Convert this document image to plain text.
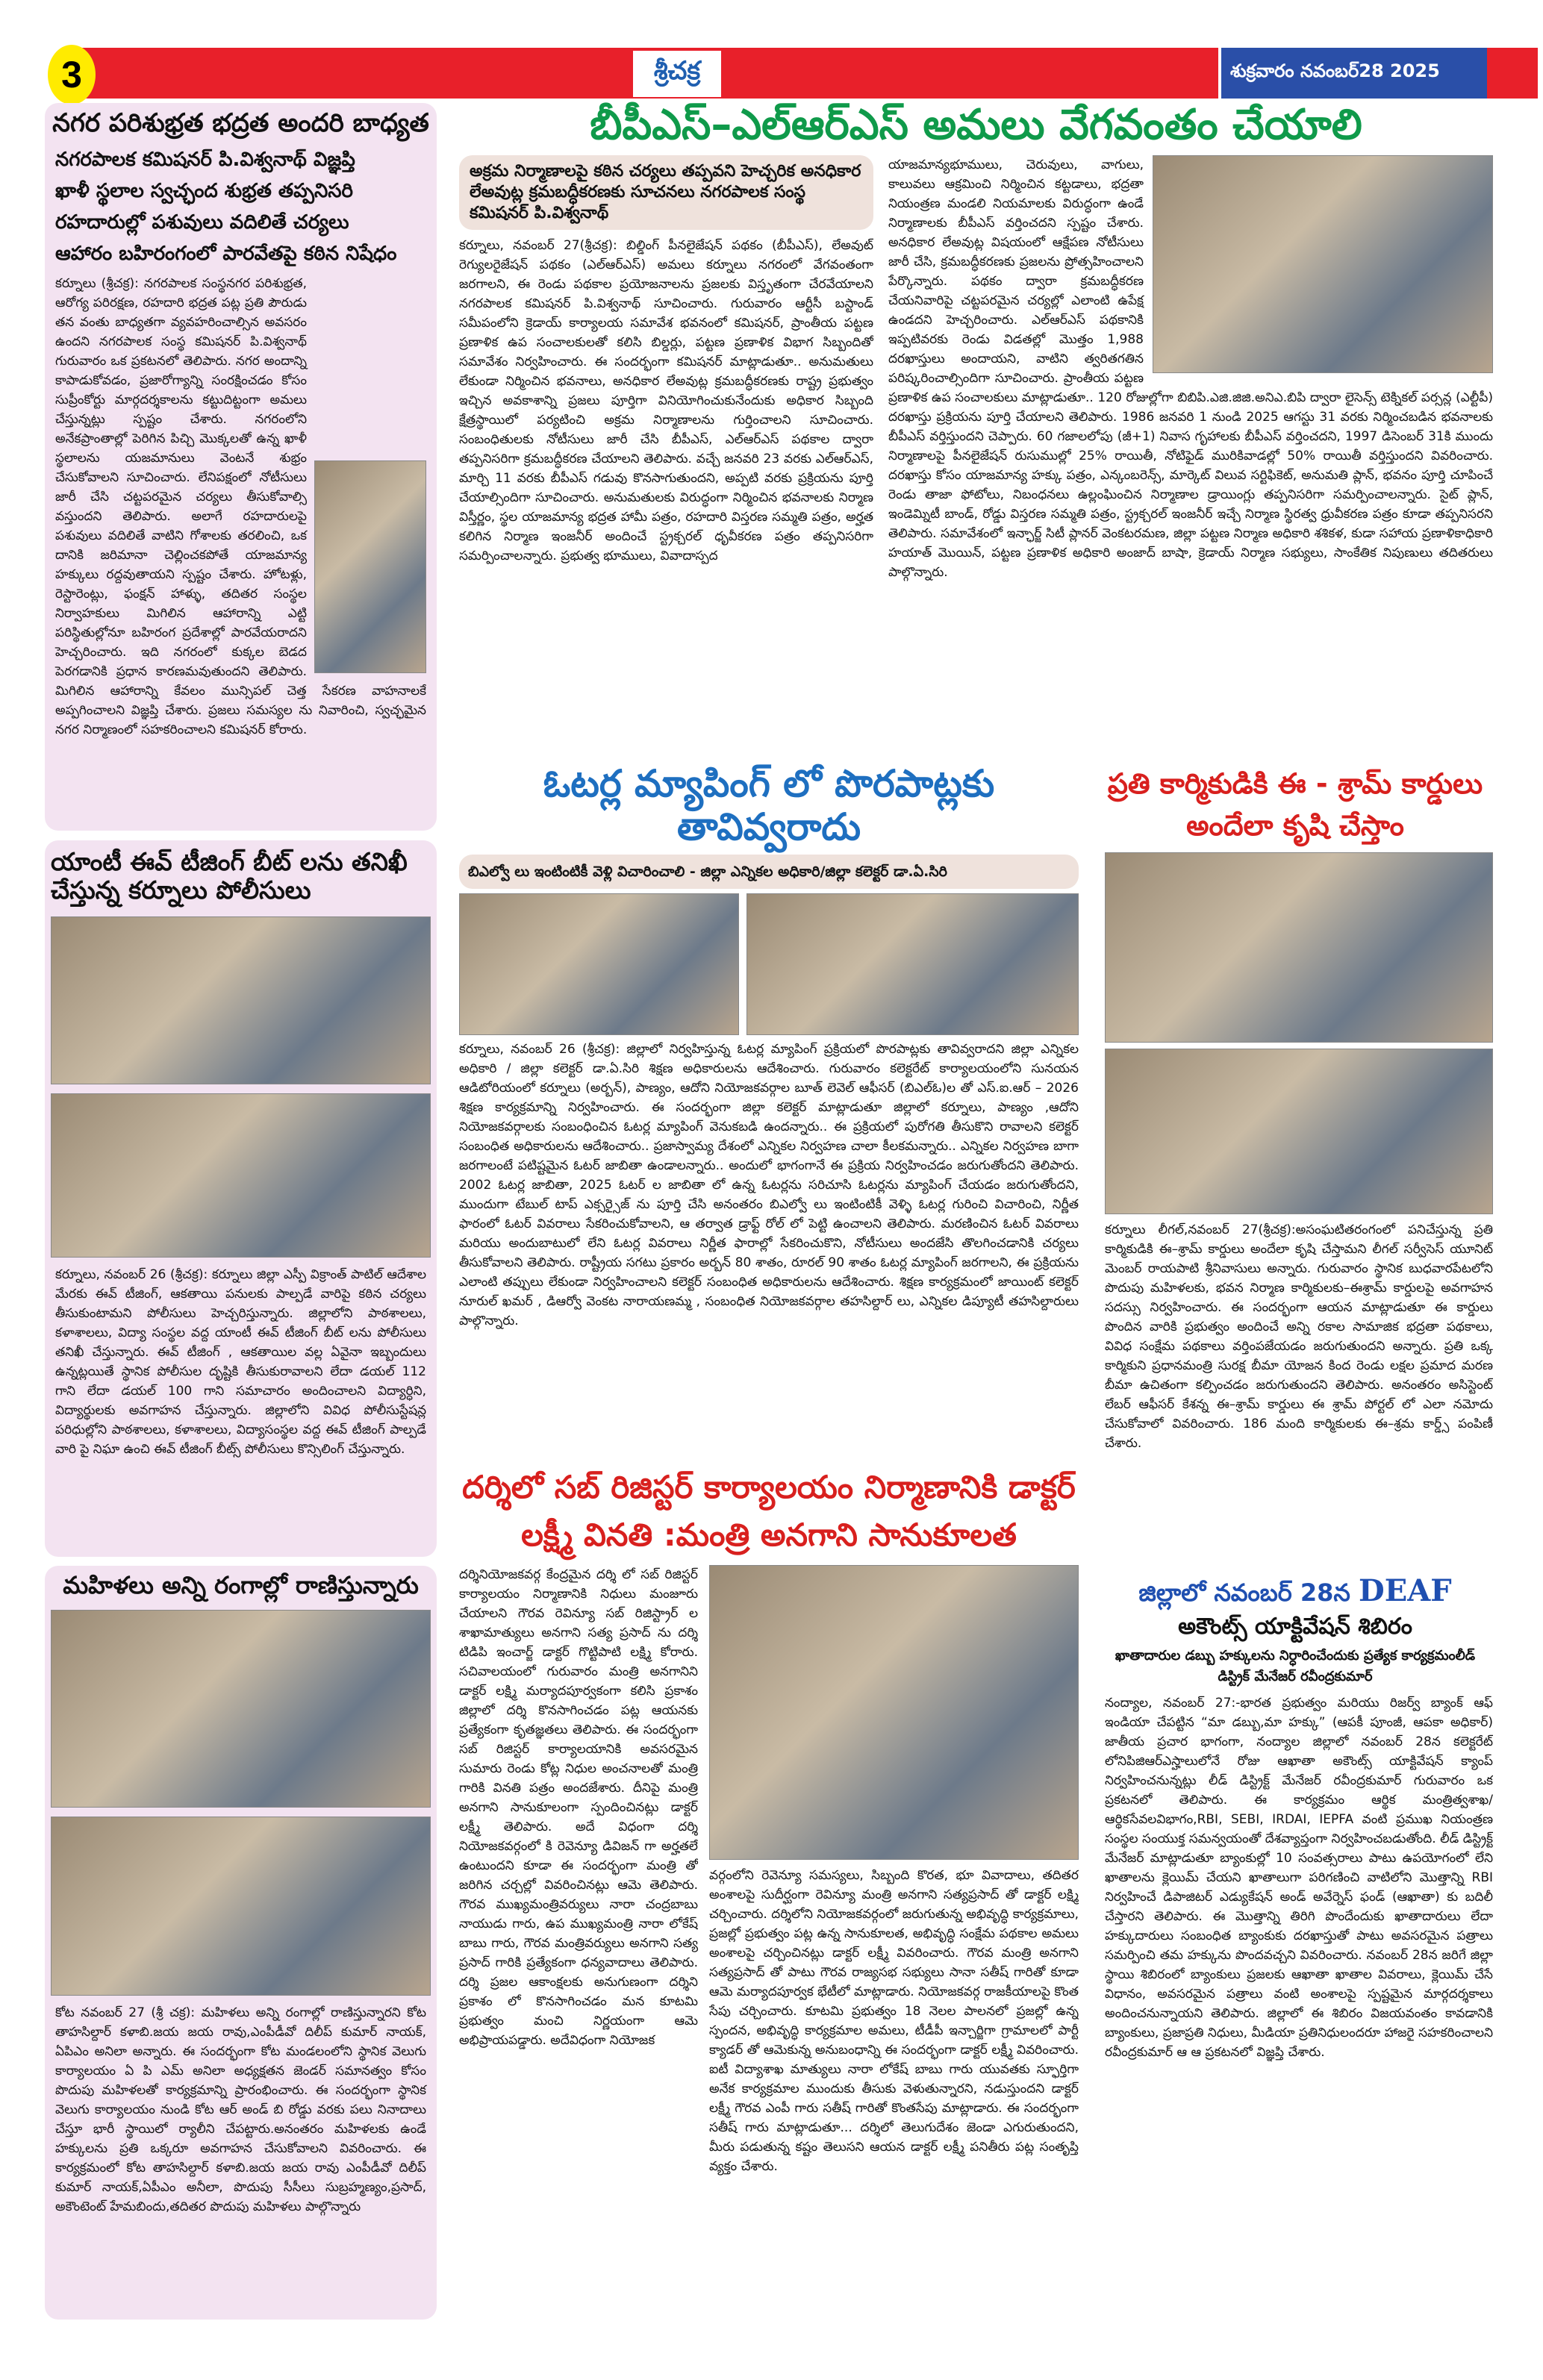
3	శ్రీచక్ర	శుక్రవారం నవంబర్28 2025
నగర పరిశుభ్రత భద్రత అందరి బాధ్యత
నగరపాలక కమిషనర్ పి.విశ్వనాథ్ విజ్ఞప్తి
ఖాళీ స్థలాల స్వచ్ఛంద శుభ్రత తప్పనిసరి
రహదారుల్లో పశువులు వదిలితే చర్యలు
ఆహారం బహిరంగంలో పారవేతపై కఠిన నిషేధం
కర్నూలు (శ్రీచక్ర): నగరపాలక సంస్థనగర పరిశుభ్రత, ఆరోగ్య పరిరక్షణ, రహదారి భద్రత పట్ల ప్రతి పౌరుడు తన వంతు బాధ్యతగా వ్యవహరించాల్సిన అవసరం ఉందని నగరపాలక సంస్థ కమిషనర్ పి.విశ్వనాథ్ గురువారం ఒక ప్రకటనలో తెలిపారు. నగర అందాన్ని కాపాడుకోవడం, ప్రజారోగ్యాన్ని సంరక్షించడం కోసం సుప్రీంకోర్టు మార్గదర్శకాలను కట్టుదిట్టంగా అమలు చేస్తున్నట్లు స్పష్టం చేశారు. నగరంలోని అనేకప్రాంతాల్లో పెరిగిన పిచ్చి మొక్కలతో ఉన్న ఖాళీ స్థలాలను యజమానులు వెంటనే శుభ్రం చేసుకోవాలని సూచించారు. లేనిపక్షంలో నోటీసులు జారీ చేసి చట్టపరమైన చర్యలు తీసుకోవాల్సి వస్తుందని తెలిపారు. అలాగే రహదారులపై పశువులు వదిలితే వాటిని గోశాలకు తరలించి, ఒక దానికి జరిమానా చెల్లించకపోతే యాజమాన్య హక్కులు రద్దవుతాయని స్పష్టం చేశారు. హోటళ్లు, రెస్టారెంట్లు, ఫంక్షన్ హాళ్ళు, తదితర సంస్థల నిర్వాహకులు మిగిలిన ఆహారాన్ని ఎట్టి పరిస్థితుల్లోనూ బహిరంగ ప్రదేశాల్లో పారవేయరాదని హెచ్చరించారు. ఇది నగరంలో కుక్కల బెడద పెరగడానికి ప్రధాన కారణమవుతుందని తెలిపారు. మిగిలిన ఆహారాన్ని కేవలం మున్సిపల్ చెత్త సేకరణ వాహనాలకే అప్పగించాలని విజ్ఞప్తి చేశారు. ప్రజలు సమస్యల ను నివారించి, స్వచ్ఛమైన నగర నిర్మాణంలో సహకరించాలని కమిషనర్ కోరారు.
యాంటీ ఈవ్ టీజింగ్ బీట్ లను తనిఖీ చేస్తున్న కర్నూలు పోలీసులు
కర్నూలు, నవంబర్ 26 (శ్రీచక్ర): కర్నూలు జిల్లా ఎస్పీ విక్రాంత్ పాటిల్ ఆదేశాల మేరకు ఈవ్ టీజింగ్, ఆకతాయి పనులకు పాల్పడే వారిపై కఠిన చర్యలు తీసుకుంటామని పోలీసులు హెచ్చరిస్తున్నారు. జిల్లాలోని పాఠశాలలు, కళాశాలలు, విద్యా సంస్థల వద్ద యాంటీ ఈవ్ టీజింగ్ బీట్ లను పోలీసులు తనిఖీ చేస్తున్నారు. ఈవ్ టీజింగ్ , ఆకతాయిల వల్ల ఏవైనా ఇబ్బందులు ఉన్నట్లయితే స్థానిక పోలీసుల దృష్టికి తీసుకురావాలని లేదా డయల్ 112 గాని లేదా డయల్ 100 గాని సమాచారం అందించాలని విద్యార్ధిని, విద్యార్థులకు అవగాహన చేస్తున్నారు. జిల్లాలోని వివిధ పోలీసుస్టేషన్ల పరిధుల్లోని పాఠశాలలు, కళాశాలలు, విద్యాసంస్థల వద్ద ఈవ్ టీజింగ్ పాల్పడే వారి పై నిఘా ఉంచి ఈవ్ టీజింగ్ బీట్స్ పోలీసులు కొన్సిలింగ్ చేస్తున్నారు.
మహిళలు అన్ని రంగాల్లో రాణిస్తున్నారు
కోట నవంబర్ 27 (శ్రీ చక్ర): మహిళలు అన్ని రంగాల్లో రాణిస్తున్నారని కోట తాహసిల్దార్ కళాబి.జయ జయ రావు,ఎంపీడీవో దిలీప్ కుమార్ నాయక్, ఏపిఎం అనిలా అన్నారు. ఈ సందర్భంగా కోట మండలంలోని స్థానిక వెలుగు కార్యాలయం ఏ పి ఎమ్ అనిలా అధ్యక్షతన జెండర్ సమానత్వం కోసం పొదుపు మహిళలతో కార్యక్రమాన్ని ప్రారంభించారు. ఈ సందర్భంగా స్థానిక వెలుగు కార్యాలయం నుండి కోట ఆర్ అండ్ బి రోడ్డు వరకు పలు నినాదాలు చేస్తూ భారీ స్థాయిలో ర్యాలీని చేపట్టారు.అనంతరం మహిళలకు ఉండే హక్కులను ప్రతి ఒక్కరూ అవగాహన చేసుకోవాలని వివరించారు. ఈ కార్యక్రమంలో కోట తాహసిల్దార్ కళాబి.జయ జయ రావు ఎంపీడీవో దిలీప్ కుమార్ నాయక్,ఏపీఎం అనీలా, పొదుపు సీసీలు సుబ్రహ్మణ్యం,ప్రసాద్, అకౌంటెంట్ హేమబిందు,తదితర పొదుపు మహిళలు పాల్గొన్నారు
బీపీఎస్–ఎల్ఆర్ఎస్ అమలు వేగవంతం చేయాలి
అక్రమ నిర్మాణాలపై కఠిన చర్యలు తప్పవని హెచ్చరిక అనధికార లేఅవుట్ల క్రమబద్ధీకరణకు సూచనలు నగరపాలక సంస్థ కమిషనర్ పి.విశ్వనాథ్
కర్నూలు, నవంబర్ 27(శ్రీచక్ర): బిల్డింగ్ పీనలైజేషన్ పథకం (బీపీఎస్), లేఅవుట్ రెగ్యులరైజేషన్ పథకం (ఎల్ఆర్ఎస్) అమలు కర్నూలు నగరంలో వేగవంతంగా జరగాలని, ఈ రెండు పథకాల ప్రయోజనాలను ప్రజలకు విస్తృతంగా చేరవేయాలని నగరపాలక కమిషనర్ పి.విశ్వనాథ్ సూచించారు. గురువారం ఆర్టీసీ బస్టాండ్ సమీపంలోని క్రెడాయ్ కార్యాలయ సమావేశ భవనంలో కమిషనర్, ప్రాంతీయ పట్టణ ప్రణాళిక ఉప సంచాలకులతో కలిసి బిల్డర్లు, పట్టణ ప్రణాళిక విభాగ సిబ్బందితో సమావేశం నిర్వహించారు. ఈ సందర్భంగా కమిషనర్ మాట్లాడుతూ.. అనుమతులు లేకుండా నిర్మించిన భవనాలు, అనధికార లేఅవుట్ల క్రమబద్ధీకరణకు రాష్ట్ర ప్రభుత్వం ఇచ్చిన అవకాశాన్ని ప్రజలు పూర్తిగా వినియోగించుకునేందుకు అధికార సిబ్బంది క్షేత్రస్థాయిలో పర్యటించి అక్రమ నిర్మాణాలను గుర్తించాలని సూచించారు. సంబంధితులకు నోటీసులు జారీ చేసి బీపీఎస్, ఎల్ఆర్ఎస్ పథకాల ద్వారా తప్పనిసరిగా క్రమబద్ధీకరణ చేయాలని తెలిపారు. వచ్చే జనవరి 23 వరకు ఎల్ఆర్ఎస్, మార్చి 11 వరకు బీపీఎస్ గడువు కొనసాగుతుందని, అప్పటి వరకు ప్రక్రియను పూర్తి చేయాల్సిందిగా సూచించారు. అనుమతులకు విరుద్ధంగా నిర్మించిన భవనాలకు నిర్మాణ విస్తీర్ణం, స్థల యాజమాన్య భద్రత హామీ పత్రం, రహదారి విస్తరణ సమ్మతి పత్రం, అర్హత కలిగిన నిర్మాణ ఇంజనీర్ అందించే స్ట్రక్చరల్ ధృవీకరణ పత్రం తప్పనిసరిగా సమర్పించాలన్నారు. ప్రభుత్వ భూములు, వివాదాస్పద
యాజమాన్యభూములు, చెరువులు, వాగులు, కాలువలు ఆక్రమించి నిర్మించిన కట్టడాలు, భద్రతా నియంత్రణ మండలి నియమాలకు విరుద్ధంగా ఉండే నిర్మాణాలకు బీపీఎస్ వర్తించదని స్పష్టం చేశారు. అనధికార లేఅవుట్ల విషయంలో ఆక్షేపణ నోటీసులు జారీ చేసి, క్రమబద్ధీకరణకు ప్రజలను ప్రోత్సహించాలని పేర్కొన్నారు. పథకం ద్వారా క్రమబద్ధీకరణ చేయనివారిపై చట్టపరమైన చర్యల్లో ఎలాంటి ఉపేక్ష ఉండదని హెచ్చరించారు. ఎల్ఆర్ఎస్ పథకానికి ఇప్పటివరకు రెండు విడతల్లో మొత్తం 1,988 దరఖాస్తులు అందాయని, వాటిని త్వరితగతిన పరిష్కరించాల్సిందిగా సూచించారు. ప్రాంతీయ పట్టణ ప్రణాళిక ఉప సంచాలకులు మాట్లాడుతూ.. 120 రోజుల్లోగా బిబిపి.ఎజి.జిజి.అనిఎ.బిపి ద్వారా లైసెన్స్ టెక్నికల్ పర్సన్ల (ఎల్టీపీ) దరఖాస్తు ప్రక్రియను పూర్తి చేయాలని తెలిపారు. 1986 జనవరి 1 నుండి 2025 ఆగస్టు 31 వరకు నిర్మించబడిన భవనాలకు బీపీఎస్ వర్తిస్తుందని చెప్పారు. 60 గజాలలోపు (జీ+1) నివాస గృహాలకు బీపీఎస్ వర్తించదని, 1997 డిసెంబర్ 31కి ముందు నిర్మాణాలపై పీనలైజేషన్ రుసుముల్లో 25% రాయితీ, నోటిఫైడ్ మురికివాడల్లో 50% రాయితీ వర్తిస్తుందని వివరించారు. దరఖాస్తు కోసం యాజమాన్య హక్కు పత్రం, ఎన్కంబరెన్స్, మార్కెట్ విలువ సర్టిఫికెట్, అనుమతి ప్లాన్, భవనం పూర్తి చూపించే రెండు తాజా ఫోటోలు, నిబంధనలు ఉల్లంఘించిన నిర్మాణాల డ్రాయింగ్లు తప్పనిసరిగా సమర్పించాలన్నారు. సైట్ ప్లాన్, ఇండెమ్నిటీ బాండ్, రోడ్డు విస్తరణ సమ్మతి పత్రం, స్ట్రక్చరల్ ఇంజనీర్ ఇచ్చే నిర్మాణ స్థిరత్వ ధ్రువీకరణ పత్రం కూడా తప్పనిసరని తెలిపారు. సమావేశంలో ఇన్ఛార్జ్ సిటీ ప్లానర్ వెంకటరమణ, జిల్లా పట్టణ నిర్మాణ అధికారి శశికళ, కుడా సహాయ ప్రణాళికాధికారి హయాత్ మొయిన్, పట్టణ ప్రణాళిక అధికారి అంజాద్ బాషా, క్రెడాయ్ నిర్మాణ సభ్యులు, సాంకేతిక నిపుణులు తదితరులు పాల్గొన్నారు.
ఓటర్ల మ్యాపింగ్ లో పొరపాట్లకు తావివ్వరాదు
బిఎల్వో లు ఇంటింటికీ వెళ్లి విచారించాలి - జిల్లా ఎన్నికల అధికారి/జిల్లా కలెక్టర్ డా.ఏ.సిరి
కర్నూలు, నవంబర్ 26 (శ్రీచక్ర): జిల్లాలో నిర్వహిస్తున్న ఓటర్ల మ్యాపింగ్ ప్రక్రియలో పొరపాట్లకు తావివ్వరాదని జిల్లా ఎన్నికల అధికారి / జిల్లా కలెక్టర్ డా.ఏ.సిరి శిక్షణ అధికారులను ఆదేశించారు. గురువారం కలెక్టరేట్ కార్యాలయంలోని సునయన ఆడిటోరియంలో కర్నూలు (అర్బన్), పాణ్యం, ఆదోని నియోజకవర్గాల బూత్ లెవెల్ ఆఫీసర్ (బిఎల్ఓ)ల తో ఎస్.ఐ.ఆర్ – 2026 శిక్షణ కార్యక్రమాన్ని నిర్వహించారు. ఈ సందర్భంగా జిల్లా కలెక్టర్ మాట్లాడుతూ జిల్లాలో కర్నూలు, పాణ్యం ,ఆదోని నియోజకవర్గాలకు సంబంధించిన ఓటర్ల మ్యాపింగ్ వెనుకబడి ఉందన్నారు.. ఈ ప్రక్రియలో పురోగతి తీసుకొని రావాలని కలెక్టర్ సంబంధిత అధికారులను ఆదేశించారు.. ప్రజాస్వామ్య దేశంలో ఎన్నికల నిర్వహణ చాలా కీలకమన్నారు.. ఎన్నికల నిర్వహణ బాగా జరగాలంటే పటిష్టమైన ఓటర్ జాబితా ఉండాలన్నారు.. అందులో భాగంగానే ఈ ప్రక్రియ నిర్వహించడం జరుగుతోందని తెలిపారు. 2002 ఓటర్ల జాబితా, 2025 ఓటర్ ల జాబితా లో ఉన్న ఓటర్లను సరిచూసి ఓటర్లను మ్యాపింగ్ చేయడం జరుగుతోందని, ముందుగా టేబుల్ టాప్ ఎక్సర్సైజ్ ను పూర్తి చేసి అనంతరం బిఎల్వో లు ఇంటింటికీ వెళ్ళి ఓటర్ల గురించి విచారించి, నిర్ణీత ఫారంలో ఓటర్ వివరాలు సేకరించుకోవాలని, ఆ తర్వాత డ్రాఫ్ట్ రోల్ లో పెట్టి ఉంచాలని తెలిపారు. మరణించిన ఓటర్ వివరాలు మరియు అందుబాటులో లేని ఓటర్ల వివరాలు నిర్ణీత ఫారాల్లో సేకరించుకొని, నోటీసులు అందజేసి తొలగించడానికి చర్యలు తీసుకోవాలని తెలిపారు. రాష్ట్రీయ సగటు ప్రకారం అర్బన్ 80 శాతం, రూరల్ 90 శాతం ఓటర్ల మ్యాపింగ్ జరగాలని, ఈ ప్రక్రియను ఎలాంటి తప్పులు లేకుండా నిర్వహించాలని కలెక్టర్ సంబంధిత అధికారులను ఆదేశించారు. శిక్షణ కార్యక్రమంలో జాయింట్ కలెక్టర్ నూరుల్ ఖమర్ , డిఆర్వో వెంకట నారాయణమ్మ , సంబంధిత నియోజకవర్గాల తహసిల్దార్ లు, ఎన్నికల డిప్యూటీ తహసిల్దారులు పాల్గొన్నారు.
దర్శిలో సబ్ రిజిస్టర్ కార్యాలయం నిర్మాణానికి డాక్టర్ లక్ష్మీ వినతి :మంత్రి అనగాని సానుకూలత
దర్శినియోజకవర్గ కేంద్రమైన దర్శి లో సబ్ రిజిస్టర్ కార్యాలయం నిర్మాణానికి నిధులు మంజూరు చేయాలని గౌరవ రెవిన్యూ సబ్ రిజిస్ట్రార్ ల శాఖామాత్యులు అనగాని సత్య ప్రసాద్ ను దర్శి టిడిపి ఇంచార్జ్ డాక్టర్ గొట్టిపాటి లక్ష్మి కోరారు. సచివాలయంలో గురువారం మంత్రి అనగానిని డాక్టర్ లక్ష్మి మర్యాదపూర్వకంగా కలిసి ప్రకాశం జిల్లాలో దర్శి కొనసాగించడం పట్ల ఆయనకు ప్రత్యేకంగా కృతజ్ఞతలు తెలిపారు. ఈ సందర్భంగా సబ్ రిజిస్టర్ కార్యాలయానికి అవసరమైన సుమారు రెండు కోట్ల నిధుల అంచనాలతో మంత్రి గారికి వినతి పత్రం అందజేశారు. దీనిపై మంత్రి అనగాని సానుకూలంగా స్పందించినట్లు డాక్టర్ లక్ష్మీ తెలిపారు. అదే విధంగా దర్శి నియోజకవర్గంలో కి రెవెన్యూ డివిజన్ గా అర్హతలే ఉంటుందని కూడా ఈ సందర్భంగా మంత్రి తో జరిగిన చర్చల్లో వివరించినట్లు ఆమె తెలిపారు. గౌరవ ముఖ్యమంత్రివర్యులు నారా చంద్రబాబు నాయుడు గారు, ఉప ముఖ్యమంత్రి నారా లోకేష్ బాబు గారు, గౌరవ మంత్రివర్యులు అనగాని సత్య ప్రసాద్ గారికి ప్రత్యేకంగా ధన్యవాదాలు తెలిపారు. దర్శి ప్రజల ఆకాంక్షలకు అనుగుణంగా దర్శిని ప్రకాశం లో కొనసాగించడం మన కూటమి ప్రభుత్వం మంచి నిర్ణయంగా ఆమె అభిప్రాయపడ్డారు. అదేవిధంగా నియోజక
వర్గంలోని రెవెన్యూ సమస్యలు, సిబ్బంది కొరత, భూ వివాదాలు, తదితర అంశాలపై సుదీర్ఘంగా రెవిన్యూ మంత్రి అనగాని సత్యప్రసాద్ తో డాక్టర్ లక్ష్మి చర్చించారు. దర్శిలోని నియోజకవర్గంలో జరుగుతున్న అభివృద్ధి కార్యక్రమాలు, ప్రజల్లో ప్రభుత్వం పట్ల ఉన్న సానుకూలత, అభివృద్ధి సంక్షేమ పథకాల అమలు అంశాలపై చర్చించినట్లు డాక్టర్ లక్ష్మీ వివరించారు. గౌరవ మంత్రి అనగాని సత్యప్రసాద్ తో పాటు గౌరవ రాజ్యసభ సభ్యులు సానా సతీష్ గారితో కూడా ఆమె మర్యాదపూర్వక భేటీలో మాట్లాడారు. నియోజకవర్గ రాజకీయాలపై కొంత సేపు చర్చించారు. కూటమి ప్రభుత్వం 18 నెలల పాలనలో ప్రజల్లో ఉన్న స్పందన, అభివృద్ధి కార్యక్రమాల అమలు, టీడీపీ ఇన్చార్జిగా గ్రామాలలో పార్టీ క్యాడర్ తో ఆమెకున్న అనుబంధాన్ని ఈ సందర్భంగా డాక్టర్ లక్ష్మీ వివరించారు. ఐటీ విద్యాశాఖ మాత్యులు నారా లోకేష్ బాబు గారు యువతకు స్ఫూర్తిగా అనేక కార్యక్రమాల ముందుకు తీసుకు వెళుతున్నారని, నడుస్తుందని డాక్టర్ లక్ష్మీ గౌరవ ఎంపీ గారు సతీష్ గారితో కొంతసేపు మాట్లాడారు. ఈ సందర్భంగా సతీష్ గారు మాట్లాడుతూ... దర్శిలో తెలుగుదేశం జెండా ఎగురుతుందని, మీరు పడుతున్న కష్టం తెలుసని ఆయన డాక్టర్ లక్ష్మీ పనితీరు పట్ల సంతృప్తి వ్యక్తం చేశారు.
ప్రతి కార్మికుడికి ఈ - శ్రామ్ కార్డులు అందేలా కృషి చేస్తాం
కర్నూలు లీగల్,నవంబర్ 27(శ్రీచక్ర):అసంఘటితరంగంలో పనిచేస్తున్న ప్రతి కార్మికుడికి ఈ–శ్రామ్ కార్డులు అందేలా కృషి చేస్తామని లీగల్ సర్వీసెస్ యూనిట్ మెంబర్ రాయపాటి శ్రీనివాసులు అన్నారు. గురువారం స్థానిక బుధవారపేటలోని పొదుపు మహిళలకు, భవన నిర్మాణ కార్మికులకు–ఈశ్రామ్ కార్డులపై అవగాహన సదస్సు నిర్వహించారు. ఈ సందర్భంగా ఆయన మాట్లాడుతూ ఈ కార్డులు పొందిన వారికి ప్రభుత్వం అందించే అన్ని రకాల సామాజిక భద్రతా పథకాలు, వివిధ సంక్షేమ పథకాలు వర్తింపజేయడం జరుగుతుందని అన్నారు. ప్రతి ఒక్క కార్మికుని ప్రధానమంత్రి సురక్ష బీమా యోజన కింద రెండు లక్షల ప్రమాద మరణ బీమా ఉచితంగా కల్పించడం జరుగుతుందని తెలిపారు. అనంతరం అసిస్టెంట్ లేబర్ ఆఫీసర్ కేశన్న ఈ–శ్రామ్ కార్డులు ఈ శ్రామ్ పోర్టల్ లో ఎలా నమోదు చేసుకోవాలో వివరించారు. 186 మంది కార్మికులకు ఈ–శ్రమ కార్డ్స్ పంపిణీ చేశారు.
జిల్లాలో నవంబర్ 28న DEAF
అకౌంట్స్ యాక్టివేషన్ శిబిరం
ఖాతాదారుల డబ్బు హక్కులను నిర్ధారించేందుకు ప్రత్యేక కార్యక్రమంలీడ్ డిస్ట్రిక్ మేనేజర్ రవీంద్రకుమార్
నంద్యాల, నవంబర్ 27:-భారత ప్రభుత్వం మరియు రిజర్వ్ బ్యాంక్ ఆఫ్ ఇండియా చేపట్టిన “మా డబ్బు,మా హక్కు” (ఆపకీ పూంజీ, ఆపకా అధికార్) జాతీయ ప్రచార భాగంగా, నంద్యాల జిల్లాలో నవంబర్ 28న కలెక్టరేట్ లోనిపిజిఆర్ఎస్హాలులోనే రోజు ఆఖాతా అకౌంట్స్ యాక్టివేషన్ క్యాంప్ నిర్వహించనున్నట్లు లీడ్ డిస్ట్రిక్ట్ మేనేజర్ రవీంద్రకుమార్ గురువారం ఒక ప్రకటనలో తెలిపారు. ఈ కార్యక్రమం ఆర్థిక మంత్రిత్వశాఖ/ఆర్థికసేవలవిభాగం,RBI, SEBI, IRDAI, IEPFA వంటి ప్రముఖ నియంత్రణ సంస్థల సంయుక్త సమన్వయంతో దేశవ్యాప్తంగా నిర్వహించబడుతోంది. లీడ్ డిస్ట్రిక్ట్ మేనేజర్ మాట్లాడుతూ బ్యాంకుల్లో 10 సంవత్సరాలు పాటు ఉపయోగంలో లేని ఖాతాలను క్లెయిమ్ చేయని ఖాతాలుగా పరిగణించి వాటిలోని మొత్తాన్ని RBI నిర్వహించే డిపాజిటర్ ఎడ్యుకేషన్ అండ్ అవేర్నెస్ ఫండ్ (ఆఖాతా) కు బదిలీ చేస్తారని తెలిపారు. ఈ మొత్తాన్ని తిరిగి పొందేందుకు ఖాతాదారులు లేదా హక్కుదారులు సంబంధిత బ్యాంకుకు దరఖాస్తుతో పాటు అవసరమైన పత్రాలు సమర్పించి తమ హక్కును పొందవచ్చని వివరించారు. నవంబర్ 28న జరిగే జిల్లా స్థాయి శిబిరంలో బ్యాంకులు ప్రజలకు ఆఖాతా ఖాతాల వివరాలు, క్లెయిమ్ చేసే విధానం, అవసరమైన పత్రాలు వంటి అంశాలపై స్పష్టమైన మార్గదర్శకాలు అందించనున్నాయని తెలిపారు. జిల్లాలో ఈ శిబిరం విజయవంతం కావడానికి బ్యాంకులు, ప్రజాప్రతి నిధులు, మీడియా ప్రతినిధులందరూ హాజరై సహకరించాలని రవీంద్రకుమార్ ఆ ఆ ప్రకటనలో విజ్ఞప్తి చేశారు.
